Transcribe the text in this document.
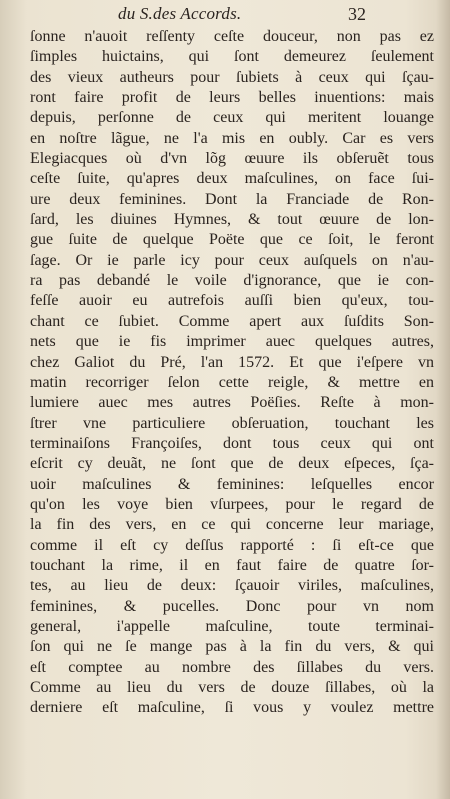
du S.des Accords.	32
ſonne n'auoit reſſenty ceſte douceur, non pas ez
ſimples huictains, qui ſont demeurez ſeulement
des vieux autheurs pour ſubiets à ceux qui ſçau-
ront faire profit de leurs belles inuentions: mais
depuis, perſonne de ceux qui meritent louange
en noſtre lãgue, ne l'a mis en oubly. Car es vers
Elegiacques où d'vn lõg œuure ils obſeruẽt tous
ceſte ſuite, qu'apres deux maſculines, on face ſui-
ure deux feminines. Dont la Franciade de Ron-
ſard, les diuines Hymnes, & tout œuure de lon-
gue ſuite de quelque Poëte que ce ſoit, le feront
ſage. Or ie parle icy pour ceux auſquels on n'au-
ra pas debandé le voile d'ignorance, que ie con-
feſſe auoir eu autrefois auſſi bien qu'eux, tou-
chant ce ſubiet. Comme apert aux ſuſdits Son-
nets que ie fis imprimer auec quelques autres,
chez Galiot du Pré, l'an 1572. Et que i'eſpere vn
matin recorriger ſelon cette reigle, & mettre en
lumiere auec mes autres Poëſies. Reſte à mon-
ſtrer vne particuliere obſeruation, touchant les
terminaiſons Françoiſes, dont tous ceux qui ont
eſcrit cy deuãt, ne ſont que de deux eſpeces, ſça-
uoir maſculines & feminines: leſquelles encor
qu'on les voye bien vſurpees, pour le regard de
la fin des vers, en ce qui concerne leur mariage,
comme il eſt cy deſſus rapporté : ſi eſt-ce que
touchant la rime, il en faut faire de quatre ſor-
tes, au lieu de deux: ſçauoir viriles, maſculines,
feminines, & pucelles. Donc pour vn nom
general, i'appelle maſculine, toute terminai-
ſon qui ne ſe mange pas à la fin du vers, & qui
eſt comptee au nombre des ſillabes du vers.
Comme au lieu du vers de douze ſillabes, où la
derniere eſt maſculine, ſi vous y voulez mettre
